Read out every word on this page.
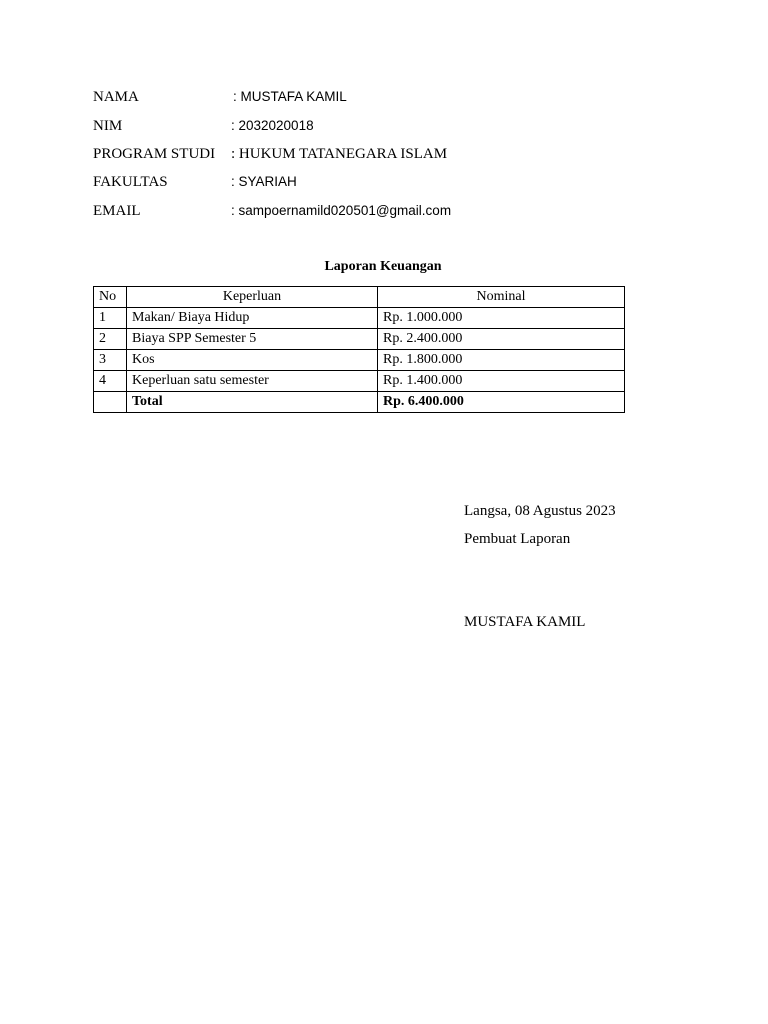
NAMA	: MUSTAFA KAMIL
NIM	: 2032020018
PROGRAM STUDI : HUKUM TATANEGARA ISLAM
FAKULTAS	: SYARIAH
EMAIL	: sampoernamild020501@gmail.com
Laporan Keuangan
No	Keperluan	Nominal
1	Makan/ Biaya Hidup	Rp. 1.000.000
2	Biaya SPP Semester 5	Rp. 2.400.000
3	Kos	Rp. 1.800.000
4	Keperluan satu semester	Rp. 1.400.000
	Total	Rp. 6.400.000
Langsa, 08 Agustus 2023
Pembuat Laporan
MUSTAFA KAMIL
